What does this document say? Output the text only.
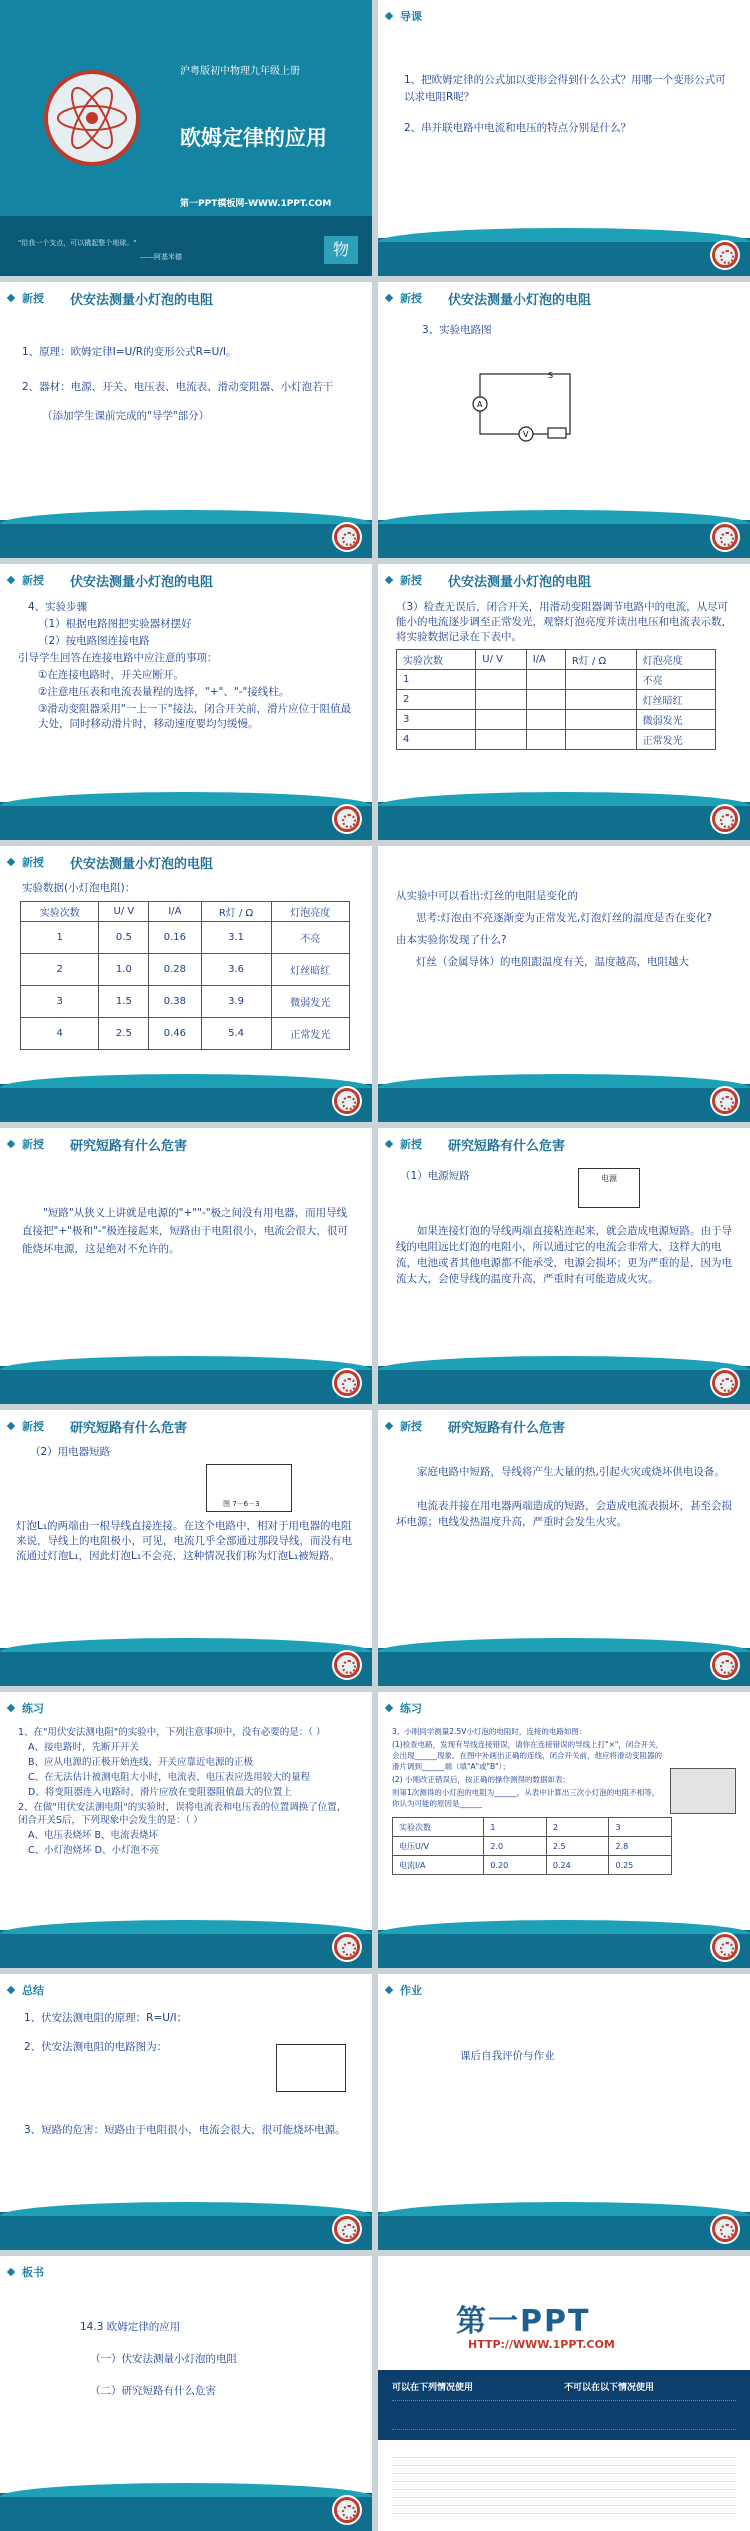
沪粤版初中物理九年级上册
欧姆定律的应用
第一PPT模板网-WWW.1PPT.COM
"给我一个支点，可以撬起整个地球。"
——阿基米德	物
导课
1、把欧姆定律的公式加以变形会得到什么公式？用哪一个变形公式可以求电阻R呢？
2、串并联电路中电流和电压的特点分别是什么？
新授 伏安法测量小灯泡的电阻
1、原理：欧姆定律I=U/R的变形公式R=U/I。
2、器材：电源、开关、电压表、电流表、滑动变阻器、小灯泡若干
（添加学生课前完成的"导学"部分）
新授 伏安法测量小灯泡的电阻
3、实验电路图
A
V
S
新授 伏安法测量小灯泡的电阻
4、实验步骤
（1）根据电路图把实验器材摆好
（2）按电路图连接电路
引导学生回答在连接电路中应注意的事项：
①在连接电路时，开关应断开。
②注意电压表和电流表量程的选择，"+"、"-"接线柱。
③滑动变阻器采用"一上一下"接法，闭合开关前，滑片应位于阻值最大处，同时移动滑片时，移动速度要均匀缓慢。
新授 伏安法测量小灯泡的电阻
（3）检查无误后，闭合开关，用滑动变阻器调节电路中的电流，从尽可能小的电流逐步调至正常发光，观察灯泡亮度并读出电压和电流表示数，将实验数据记录在下表中。
实验次数	U/ V	I/A	R灯 / Ω	灯泡亮度
1				不亮
2				灯丝暗红
3				微弱发光
4				正常发光
新授 伏安法测量小灯泡的电阻
实验数据(小灯泡电阻)：
实验次数	U/ V	I/A	R灯 / Ω	灯泡亮度
1	0.5	0.16	3.1	不亮
2	1.0	0.28	3.6	灯丝暗红
3	1.5	0.38	3.9	微弱发光
4	2.5	0.46	5.4	正常发光
从实验中可以看出:灯丝的电阻是变化的
思考:灯泡由不亮逐渐变为正常发光,灯泡灯丝的温度是否在变化?
由本实验你发现了什么?
灯丝（金属导体）的电阻跟温度有关，温度越高，电阻越大
新授 研究短路有什么危害
"短路"从狭义上讲就是电源的"+""-"极之间没有用电器，而用导线直接把"+"极和"-"极连接起来，短路由于电阻很小，电流会很大，很可能烧坏电源，这是绝对不允许的。
新授 研究短路有什么危害
（1）电源短路	电源
如果连接灯泡的导线两端直接粘连起来，就会造成电源短路。由于导线的电阻远比灯泡的电阻小，所以通过它的电流会非常大，这样大的电流，电池或者其他电源都不能承受，电源会损坏；更为严重的是，因为电流太大，会使导线的温度升高，严重时有可能造成火灾。
新授 研究短路有什么危害
（2）用电器短路
图 7－6－3
灯泡L₁的两端由一根导线直接连接。在这个电路中，相对于用电器的电阻来说，导线上的电阻极小，可见，电流几乎全部通过那段导线，而没有电流通过灯泡L₁，因此灯泡L₁不会亮，这种情况我们称为灯泡L₁被短路。
新授 研究短路有什么危害
家庭电路中短路，导线将产生大量的热,引起火灾或烧坏供电设备。
电流表并接在用电器两端造成的短路，会造成电流表损坏，甚至会损坏电源；电线发热温度升高，严重时会发生火灾。
练习
1、在"用伏安法测电阻"的实验中，下列注意事项中，没有必要的是：（ ）
A、接电路时，先断开开关
B、应从电源的正极开始连线，开关应靠近电源的正极
C、在无法估计被测电阻大小时，电流表、电压表应选用较大的量程
D、将变阻器连入电路时，滑片应放在变阻器阻值最大的位置上
2、在做"用伏安法测电阻"的实验时，误将电流表和电压表的位置调换了位置，闭合开关S后，下列现象中会发生的是：（ ）
A、电压表烧坏 B、电流表烧坏
C、小灯泡烧坏 D、小灯泡不亮
练习
3、小刚同学测量2.5V小灯泡的电阻时，连接的电路如图：
(1)检查电路，发现有导线连接错误，请你在连接错误的导线上打"×"，闭合开关，会出现______现象。在图中补画出正确的连线，闭合开关前，他应将滑动变阻器的滑片调到______端（填"A"或"B"）；
(2) 小刚改正错误后，按正确的操作测得的数据如表：
则第1次测得的小灯泡的电阻为______，从表中计算出三次小灯泡的电阻不相等，你认为可能的原因是______
实验次数	1	2	3
电压U/V	2.0	2.5	2.8
电流I/A	0.20	0.24	0.25
总结
1、伏安法测电阻的原理：R=U/I；
2、伏安法测电阻的电路图为：
3、短路的危害：短路由于电阻很小，电流会很大，很可能烧坏电源。
作业
课后自我评价与作业
板书
14.3 欧姆定律的应用
（一）伏安法测量小灯泡的电阻
（二）研究短路有什么危害
第一PPT
HTTP://WWW.1PPT.COM
可以在下列情况使用	不可以在以下情况使用
